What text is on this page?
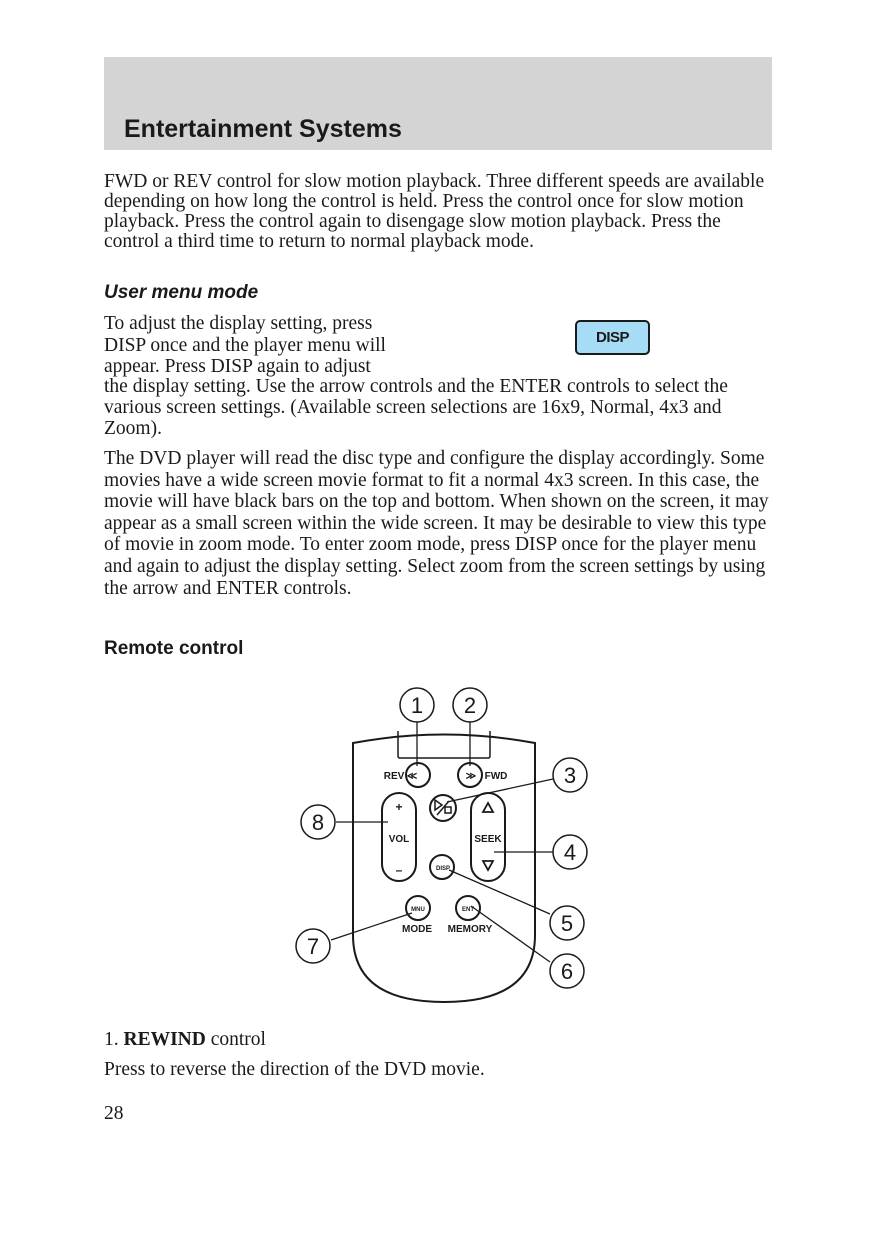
Entertainment Systems
FWD or REV control for slow motion playback. Three different speeds are available depending on how long the control is held. Press the control once for slow motion playback. Press the control again to disengage slow motion playback. Press the control a third time to return to normal playback mode.
User menu mode
To adjust the display setting, press
DISP once and the player menu will
appear. Press DISP again to adjust
the display setting. Use the arrow controls and the ENTER controls to select the various screen settings. (Available screen selections are 16x9, Normal, 4x3 and Zoom).
DISP
The DVD player will read the disc type and configure the display accordingly. Some movies have a wide screen movie format to fit a normal 4x3 screen. In this case, the movie will have black bars on the top and bottom. When shown on the screen, it may appear as a small screen within the wide screen. It may be desirable to view this type of movie in zoom mode. To enter zoom mode, press DISP once for the player menu and again to adjust the display setting. Select zoom from the screen settings by using the arrow and ENTER controls.
Remote control
≪	≫
REV	FWD
+
VOL
–
SEEK
DISP
MNU	ENT
MODE MEMORY
1 2
3
4
5
6
7
8
1. REWIND control
Press to reverse the direction of the DVD movie.
28
